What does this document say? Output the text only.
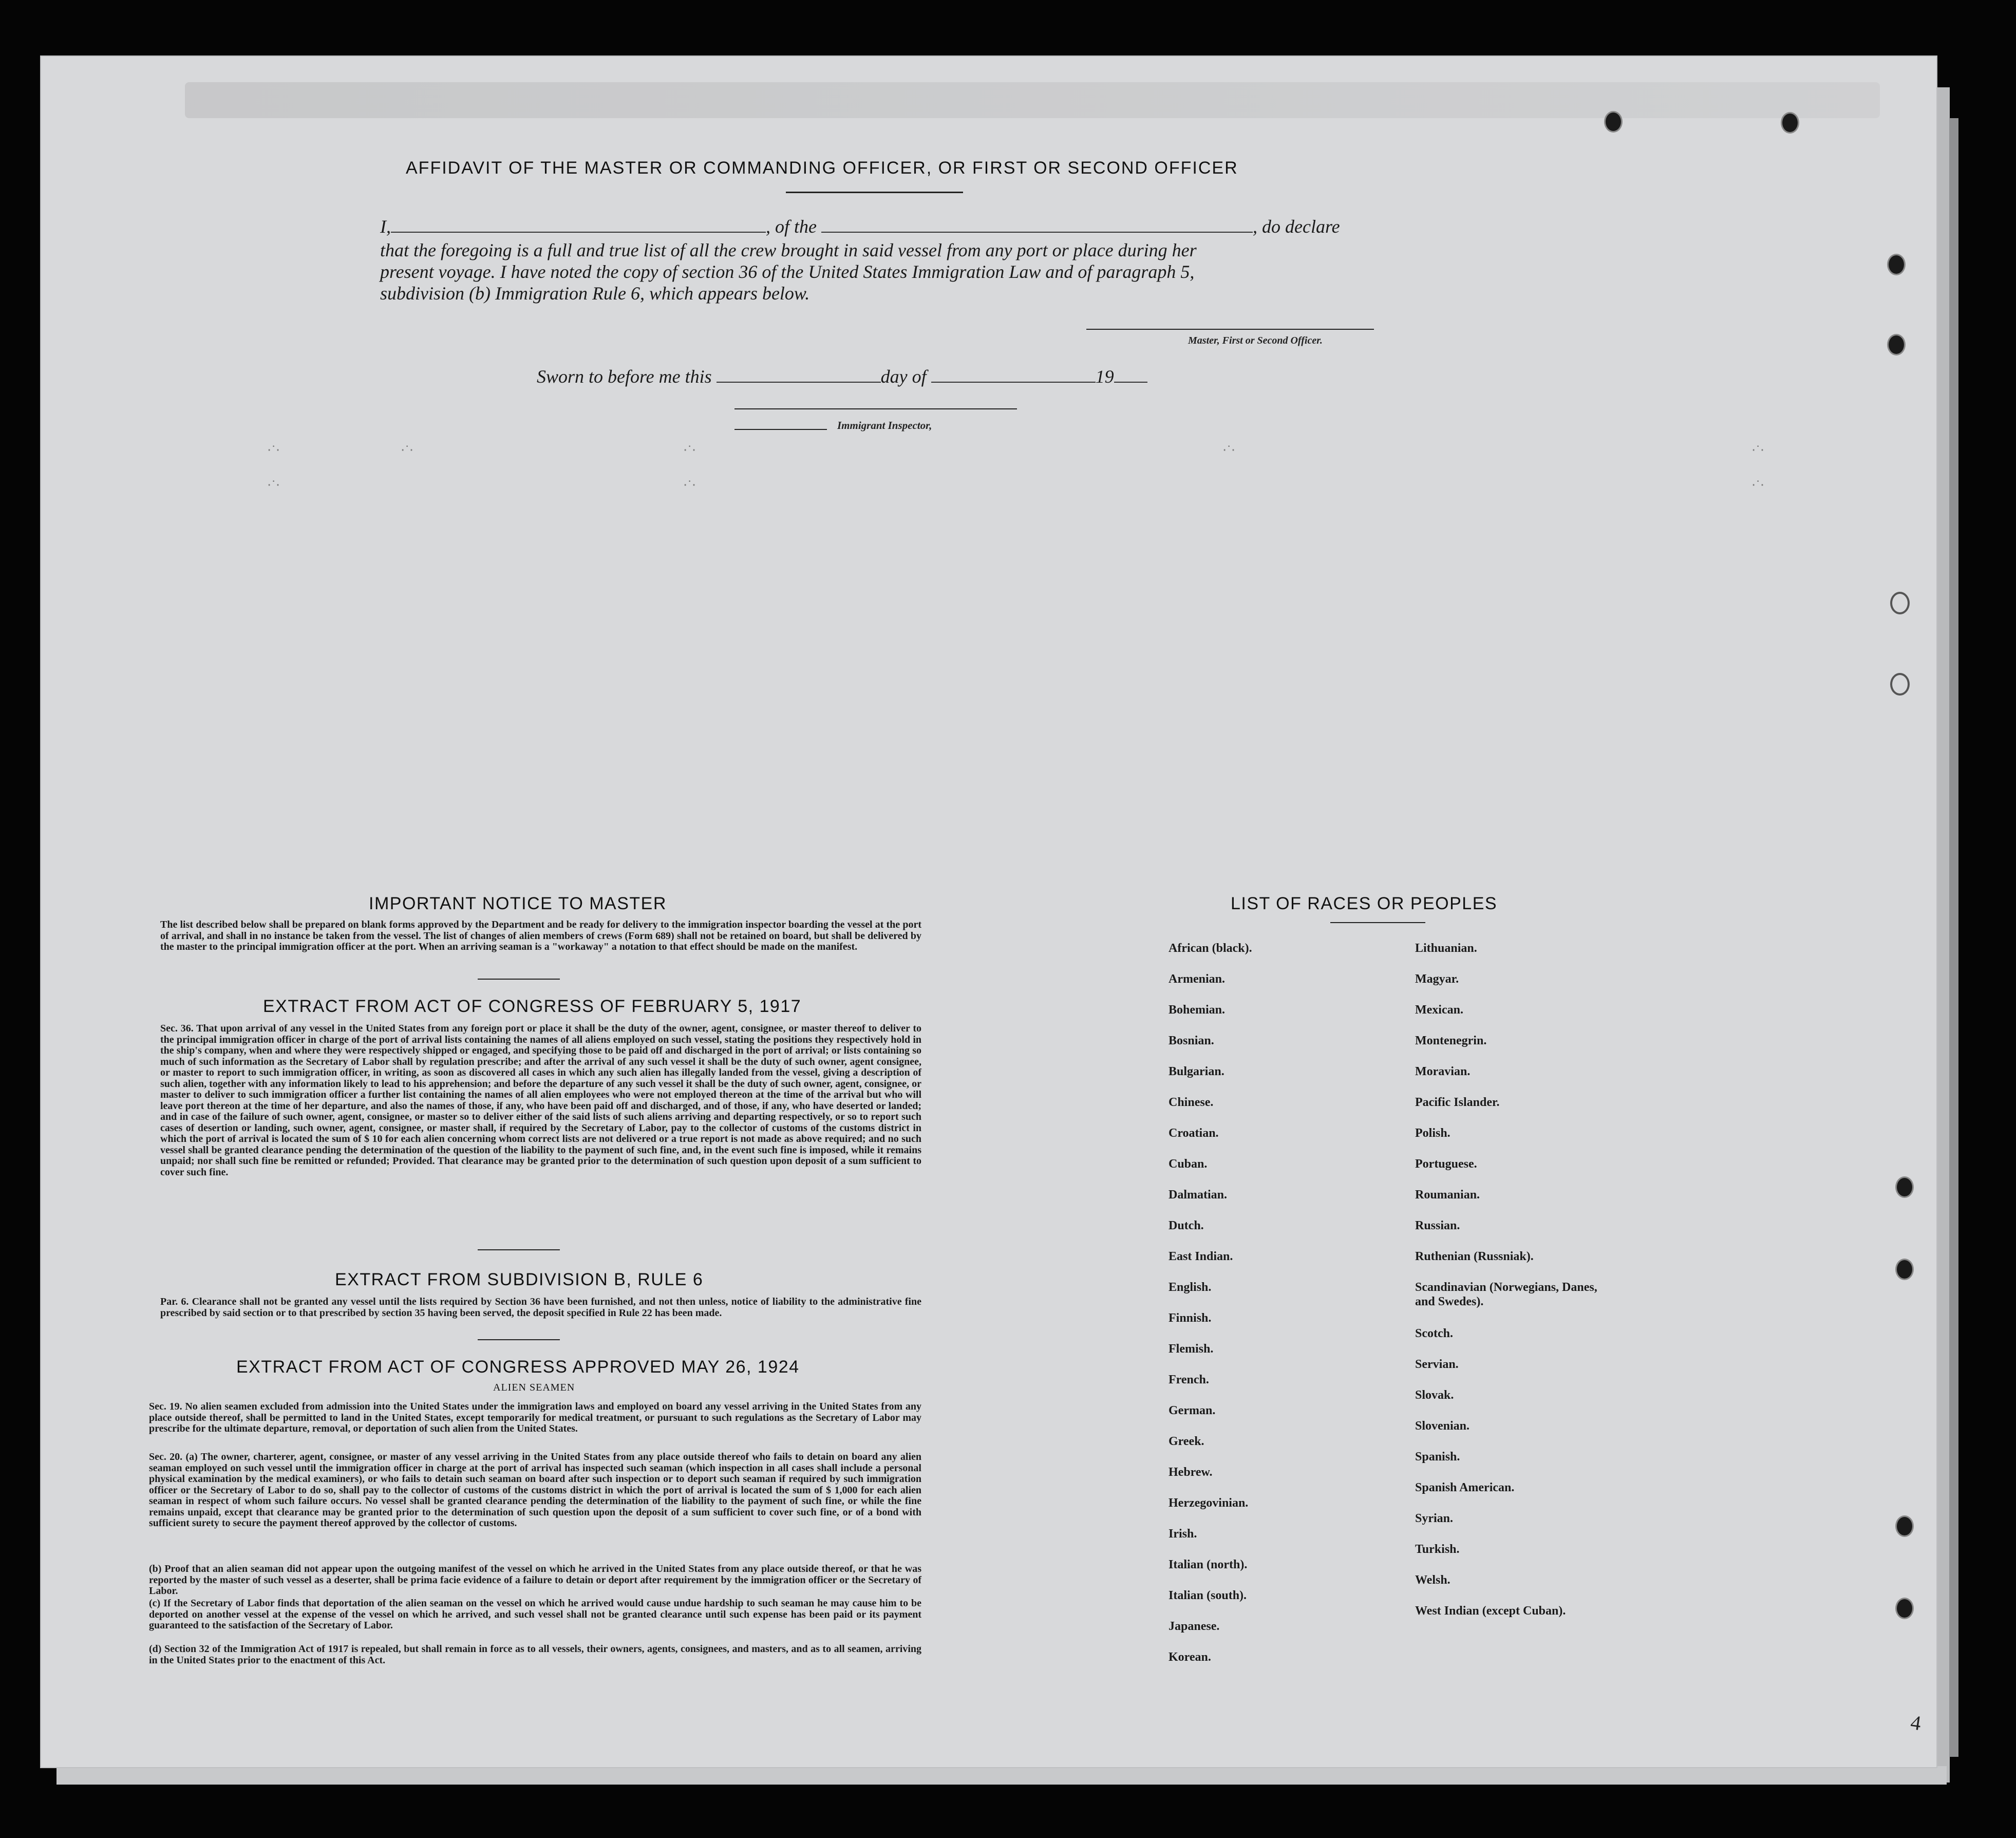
AFFIDAVIT OF THE MASTER OR COMMANDING OFFICER, OR FIRST OR SECOND OFFICER
I,	, of the	, do declare
that the foregoing is a full and true list of all the crew brought in said vessel from any port or place during her
present voyage. I have noted the copy of section 36 of the United States Immigration Law and of paragraph 5,
subdivision (b) Immigration Rule 6, which appears below.
Master, First or Second Officer.
Sworn to before me this	day of	19
Immigrant Inspector,
⋅˙⋅	⋅˙⋅	⋅˙⋅	⋅˙⋅	⋅˙⋅
⋅˙⋅	⋅˙⋅	⋅˙⋅
IMPORTANT NOTICE TO MASTER
The list described below shall be prepared on blank forms approved by the Department and be ready for delivery to the immigration inspector boarding the vessel at the port of arrival, and shall in no instance be taken from the vessel. The list of changes of alien members of crews (Form 689) shall not be retained on board, but shall be delivered by the master to the principal immigration officer at the port. When an arriving seaman is a "workaway" a notation to that effect should be made on the manifest.
EXTRACT FROM ACT OF CONGRESS OF FEBRUARY 5, 1917
Sec. 36. That upon arrival of any vessel in the United States from any foreign port or place it shall be the duty of the owner, agent, consignee, or master thereof to deliver to the principal immigration officer in charge of the port of arrival lists containing the names of all aliens employed on such vessel, stating the positions they respectively hold in the ship's company, when and where they were respectively shipped or engaged, and specifying those to be paid off and discharged in the port of arrival; or lists containing so much of such information as the Secretary of Labor shall by regulation prescribe; and after the arrival of any such vessel it shall be the duty of such owner, agent consignee, or master to report to such immigration officer, in writing, as soon as discovered all cases in which any such alien has illegally landed from the vessel, giving a description of such alien, together with any information likely to lead to his apprehension; and before the departure of any such vessel it shall be the duty of such owner, agent, consignee, or master to deliver to such immigration officer a further list containing the names of all alien employees who were not employed thereon at the time of the arrival but who will leave port thereon at the time of her departure, and also the names of those, if any, who have been paid off and discharged, and of those, if any, who have deserted or landed; and in case of the failure of such owner, agent, consignee, or master so to deliver either of the said lists of such aliens arriving and departing respectively, or so to report such cases of desertion or landing, such owner, agent, consignee, or master shall, if required by the Secretary of Labor, pay to the collector of customs of the customs district in which the port of arrival is located the sum of $ 10 for each alien concerning whom correct lists are not delivered or a true report is not made as above required; and no such vessel shall be granted clearance pending the determination of the question of the liability to the payment of such fine, and, in the event such fine is imposed, while it remains unpaid; nor shall such fine be remitted or refunded; Provided. That clearance may be granted prior to the determination of such question upon deposit of a sum sufficient to cover such fine.
EXTRACT FROM SUBDIVISION B, RULE 6
Par. 6. Clearance shall not be granted any vessel until the lists required by Section 36 have been furnished, and not then unless, notice of liability to the administrative fine prescribed by said section or to that prescribed by section 35 having been served, the deposit specified in Rule 22 has been made.
EXTRACT FROM ACT OF CONGRESS APPROVED MAY 26, 1924
ALIEN SEAMEN
Sec. 19. No alien seamen excluded from admission into the United States under the immigration laws and employed on board any vessel arriving in the United States from any place outside thereof, shall be permitted to land in the United States, except temporarily for medical treatment, or pursuant to such regulations as the Secretary of Labor may prescribe for the ultimate departure, removal, or deportation of such alien from the United States.
Sec. 20. (a) The owner, charterer, agent, consignee, or master of any vessel arriving in the United States from any place outside thereof who fails to detain on board any alien seaman employed on such vessel until the immigration officer in charge at the port of arrival has inspected such seaman (which inspection in all cases shall include a personal physical examination by the medical examiners), or who fails to detain such seaman on board after such inspection or to deport such seaman if required by such immigration officer or the Secretary of Labor to do so, shall pay to the collector of customs of the customs district in which the port of arrival is located the sum of $ 1,000 for each alien seaman in respect of whom such failure occurs. No vessel shall be granted clearance pending the determination of the liability to the payment of such fine, or while the fine remains unpaid, except that clearance may be granted prior to the determination of such question upon the deposit of a sum sufficient to cover such fine, or of a bond with sufficient surety to secure the payment thereof approved by the collector of customs.
(b) Proof that an alien seaman did not appear upon the outgoing manifest of the vessel on which he arrived in the United States from any place outside thereof, or that he was reported by the master of such vessel as a deserter, shall be prima facie evidence of a failure to detain or deport after requirement by the immigration officer or the Secretary of Labor.
(c) If the Secretary of Labor finds that deportation of the alien seaman on the vessel on which he arrived would cause undue hardship to such seaman he may cause him to be deported on another vessel at the expense of the vessel on which he arrived, and such vessel shall not be granted clearance until such expense has been paid or its payment guaranteed to the satisfaction of the Secretary of Labor.
(d) Section 32 of the Immigration Act of 1917 is repealed, but shall remain in force as to all vessels, their owners, agents, consignees, and masters, and as to all seamen, arriving in the United States prior to the enactment of this Act.
LIST OF RACES OR PEOPLES
African (black).
Armenian.
Bohemian.
Bosnian.
Bulgarian.
Chinese.
Croatian.
Cuban.
Dalmatian.
Dutch.
East Indian.
English.
Finnish.
Flemish.
French.
German.
Greek.
Hebrew.
Herzegovinian.
Irish.
Italian (north).
Italian (south).
Japanese.
Korean.
Lithuanian.
Magyar.
Mexican.
Montenegrin.
Moravian.
Pacific Islander.
Polish.
Portuguese.
Roumanian.
Russian.
Ruthenian (Russniak).
Scandinavian (Norwegians, Danes, and Swedes).
Scotch.
Servian.
Slovak.
Slovenian.
Spanish.
Spanish American.
Syrian.
Turkish.
Welsh.
West Indian (except Cuban).
4
